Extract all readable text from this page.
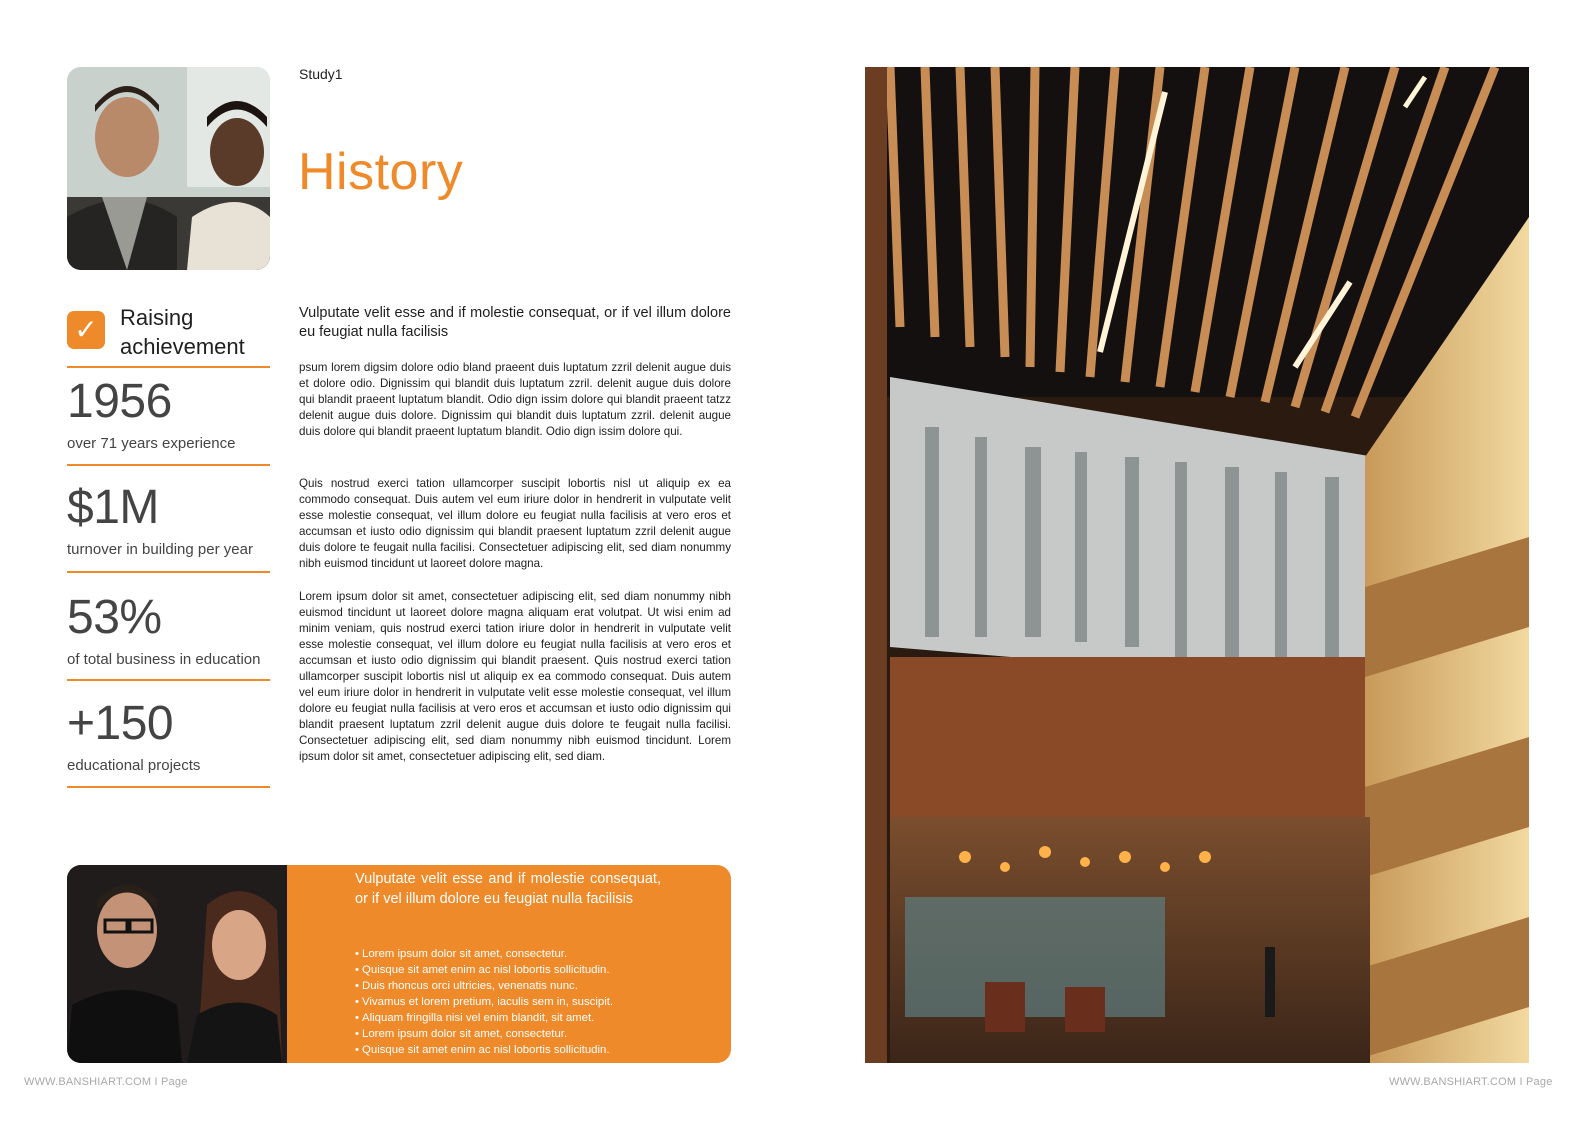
Study1
History
✓	Raising
achievement
1956
over 71 years experience
$1M
turnover in building per year
53%
of total business in education
+150
educational projects
Vulputate velit esse and if molestie consequat, or if vel illum dolore eu feugiat nulla facilisis
psum lorem digsim dolore odio bland praeent duis luptatum zzril delenit augue duis et dolore odio. Dignissim qui blandit duis luptatum zzril. delenit augue duis dolore qui blandit praeent luptatum blandit. Odio dign issim dolore qui blandit praeent tatzz delenit augue duis dolore. Dignissim qui blandit duis luptatum zzril. delenit augue duis dolore qui blandit praeent luptatum blandit. Odio dign issim dolore qui.
Quis nostrud exerci tation ullamcorper suscipit lobortis nisl ut aliquip ex ea commodo consequat. Duis autem vel eum iriure dolor in hendrerit in vulputate velit esse molestie consequat, vel illum dolore eu feugiat nulla facilisis at vero eros et accumsan et iusto odio dignissim qui blandit praesent luptatum zzril delenit augue duis dolore te feugait nulla facilisi. Consectetuer adipiscing elit, sed diam nonummy nibh euismod tincidunt ut laoreet dolore magna.
Lorem ipsum dolor sit amet, consectetuer adipiscing elit, sed diam nonummy nibh euismod tincidunt ut laoreet dolore magna aliquam erat volutpat. Ut wisi enim ad minim veniam, quis nostrud exerci tation iriure dolor in hendrerit in vulputate velit esse molestie consequat, vel illum dolore eu feugiat nulla facilisis at vero eros et accumsan et iusto odio dignissim qui blandit praesent. Quis nostrud exerci tation ullamcorper suscipit lobortis nisl ut aliquip ex ea commodo consequat. Duis autem vel eum iriure dolor in hendrerit in vulputate velit esse molestie consequat, vel illum dolore eu feugiat nulla facilisis at vero eros et accumsan et iusto odio dignissim qui blandit praesent luptatum zzril delenit augue duis dolore te feugait nulla facilisi. Consectetuer adipiscing elit, sed diam nonummy nibh euismod tincidunt. Lorem ipsum dolor sit amet, consectetuer adipiscing elit, sed diam.
Vulputate velit esse and if molestie consequat, or if vel illum dolore eu feugiat nulla facilisis
• Lorem ipsum dolor sit amet, consectetur.
• Quisque sit amet enim ac nisl lobortis sollicitudin.
• Duis rhoncus orci ultricies, venenatis nunc.
• Vivamus et lorem pretium, iaculis sem in, suscipit.
• Aliquam fringilla nisi vel enim blandit, sit amet.
• Lorem ipsum dolor sit amet, consectetur.
• Quisque sit amet enim ac nisl lobortis sollicitudin.
WWW.BANSHIART.COM I Page	WWW.BANSHIART.COM I Page
